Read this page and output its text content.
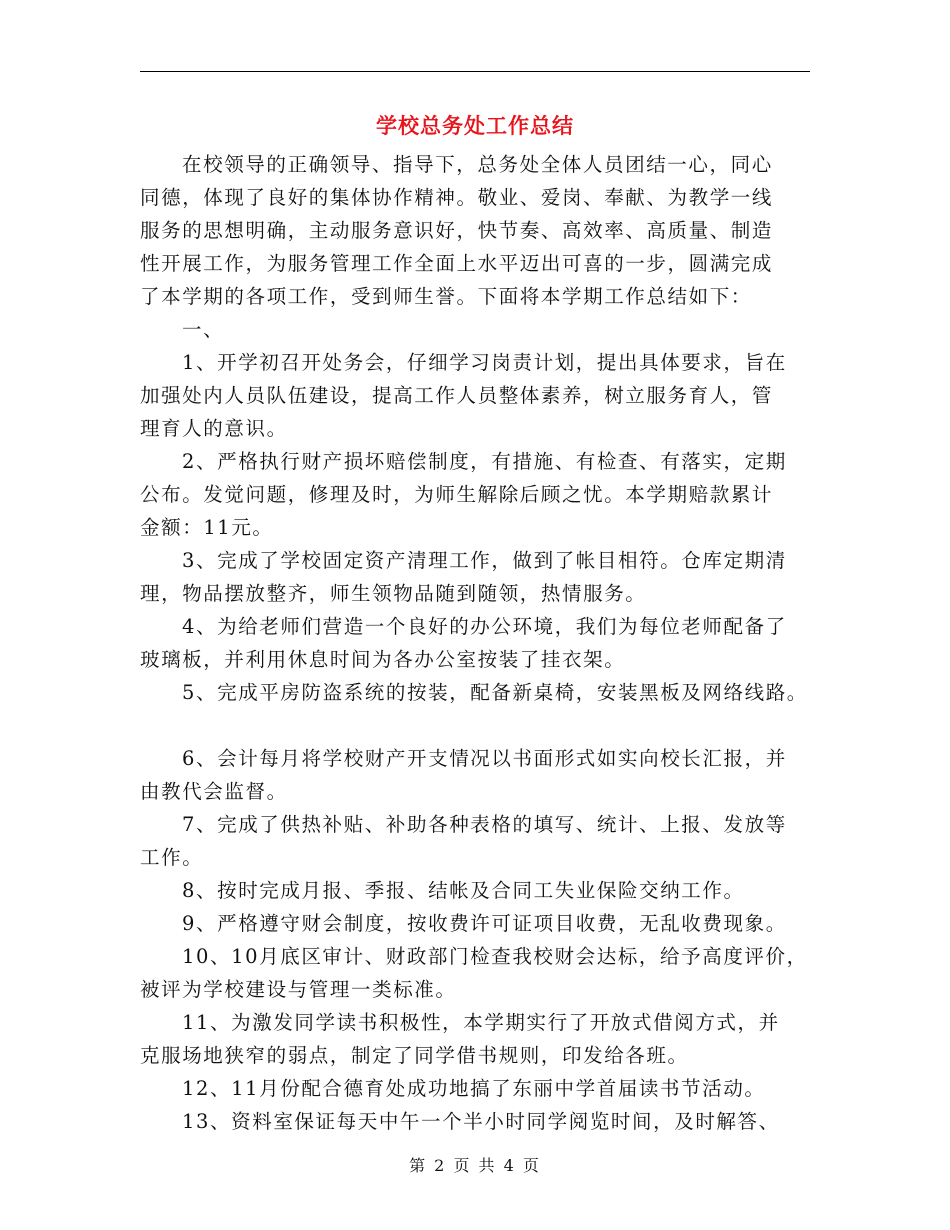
学校总务处工作总结
在校领导的正确领导、指导下，总务处全体人员团结一心，同心
同德，体现了良好的集体协作精神。敬业、爱岗、奉献、为教学一线
服务的思想明确，主动服务意识好，快节奏、高效率、高质量、制造
性开展工作，为服务管理工作全面上水平迈出可喜的一步，圆满完成
了本学期的各项工作，受到师生誉。下面将本学期工作总结如下：
一、
1、开学初召开处务会，仔细学习岗责计划，提出具体要求，旨在
加强处内人员队伍建设，提高工作人员整体素养，树立服务育人，管
理育人的意识。
2、严格执行财产损坏赔偿制度，有措施、有检查、有落实，定期
公布。发觉问题，修理及时，为师生解除后顾之忧。本学期赔款累计
金额：11元。
3、完成了学校固定资产清理工作，做到了帐目相符。仓库定期清
理，物品摆放整齐，师生领物品随到随领，热情服务。
4、为给老师们营造一个良好的办公环境，我们为每位老师配备了
玻璃板，并利用休息时间为各办公室按装了挂衣架。
5、完成平房防盗系统的按装，配备新桌椅，安装黑板及网络线路。
6、会计每月将学校财产开支情况以书面形式如实向校长汇报，并
由教代会监督。
7、完成了供热补贴、补助各种表格的填写、统计、上报、发放等
工作。
8、按时完成月报、季报、结帐及合同工失业保险交纳工作。
9、严格遵守财会制度，按收费许可证项目收费，无乱收费现象。
10、10月底区审计、财政部门检查我校财会达标，给予高度评价，
被评为学校建设与管理一类标准。
11、为激发同学读书积极性，本学期实行了开放式借阅方式，并
克服场地狭窄的弱点，制定了同学借书规则，印发给各班。
12、11月份配合德育处成功地搞了东丽中学首届读书节活动。
13、资料室保证每天中午一个半小时同学阅览时间，及时解答、
第 2 页 共 4 页
